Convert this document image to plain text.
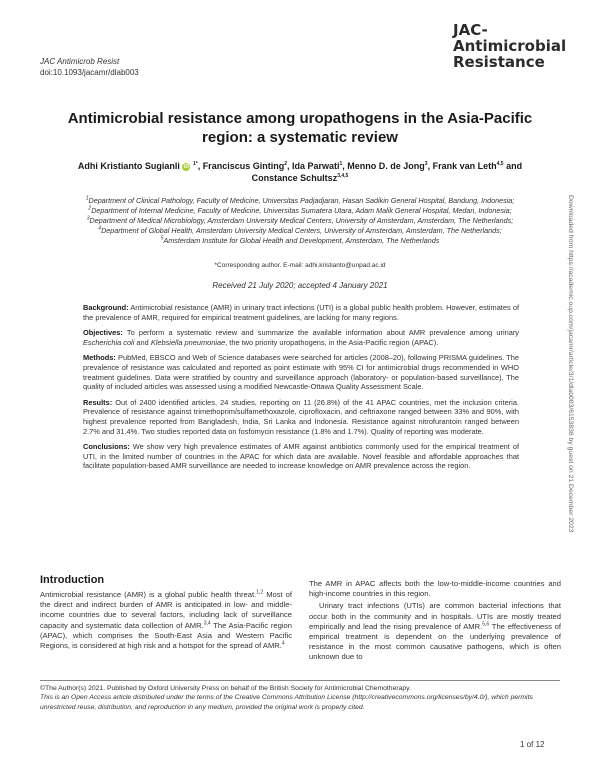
JAC-
Antimicrobial
Resistance
JAC Antimicrob Resist
doi:10.1093/jacamr/dlab003
Antimicrobial resistance among uropathogens in the Asia-Pacific region: a systematic review
Adhi Kristianto Sugianli iD $^{1*}$, Franciscus Ginting$^2$, Ida Parwati$^1$, Menno D. de Jong$^3$, Frank van Leth$^{4,5}$ and
Constance Schultsz$^{3,4,5}$
$^1$Department of Clinical Pathology, Faculty of Medicine, Universitas Padjadjaran, Hasan Sadikin General Hospital, Bandung, Indonesia;
$^2$Department of Internal Medicine, Faculty of Medicine, Universitas Sumatera Utara, Adam Malik General Hospital, Medan, Indonesia;
$^3$Department of Medical Microbiology, Amsterdam University Medical Centers, University of Amsterdam, Amsterdam, The Netherlands;
$^4$Department of Global Health, Amsterdam University Medical Centers, University of Amsterdam, Amsterdam, The Netherlands;
$^5$Amsterdam Institute for Global Health and Development, Amsterdam, The Netherlands
*Corresponding author. E-mail: adhi.kristianto@unpad.ac.id
Received 21 July 2020; accepted 4 January 2021

Background: Antimicrobial resistance (AMR) in urinary tract infections (UTI) is a global public health problem. However, estimates of the prevalence of AMR, required for empirical treatment guidelines, are lacking for many regions.

Objectives: To perform a systematic review and summarize the available information about AMR prevalence among urinary Escherichia coli and Klebsiella pneumoniae, the two priority uropathogens, in the Asia-Pacific region (APAC).

Methods: PubMed, EBSCO and Web of Science databases were searched for articles (2008–20), following PRISMA guidelines. The prevalence of resistance was calculated and reported as point estimate with 95% CI for antimicrobial drugs recommended in WHO treatment guidelines. Data were stratified by country and surveillance approach (laboratory- or population-based surveillance). The quality of included articles was assessed using a modified Newcastle-Ottawa Quality Assessment Scale.

Results: Out of 2400 identified articles, 24 studies, reporting on 11 (26.8%) of the 41 APAC countries, met the inclusion criteria. Prevalence of resistance against trimethoprim/sulfamethoxazole, ciprofloxacin, and ceftriaxone ranged between 33% and 90%, with highest prevalence reported from Bangladesh, India, Sri Lanka and Indonesia. Resistance against nitrofurantoin ranged between 2.7% and 31.4%. Two studies reported data on fosfomycin resistance (1.8% and 1.7%). Quality of reporting was moderate.

Conclusions: We show very high prevalence estimates of AMR against antibiotics commonly used for the empirical treatment of UTI, in the limited number of countries in the APAC for which data are available. Novel feasible and affordable approaches that facilitate population-based AMR surveillance are needed to increase knowledge on AMR prevalence across the region.

Introduction

Antimicrobial resistance (AMR) is a global public health threat.$^{1,2}$ Most of the direct and indirect burden of AMR is anticipated in low- and middle-income countries due to several factors, including lack of surveillance capacity and systematic data collection of AMR.$^{3,4}$ The Asia-Pacific region (APAC), which comprises the South-East Asia and Western Pacific Regions, is considered at high risk and a hotspot for the spread of AMR.$^4$

The AMR in APAC affects both the low-to-middle-income countries and high-income countries in this region.

Urinary tract infections (UTIs) are common bacterial infections that occur both in the community and in hospitals. UTIs are mostly treated empirically and lead the rising prevalence of AMR.$^{5,6}$ The effectiveness of empirical treatment is dependent on the underlying prevalence of resistance in the most common causative pathogens, which is often unknown due to

©The Author(s) 2021. Published by Oxford University Press on behalf of the British Society for Antimicrobial Chemotherapy.

This is an Open Access article distributed under the terms of the Creative Commons Attribution License (http://creativecommons.org/licenses/by/4.0/), which permits unrestricted reuse, distribution, and reproduction in any medium, provided the original work is properly cited.

1 of 12
Downloaded from https://academic.oup.com/jacamr/article/3/1/dlab003/6153836 by guest on 21 December 2023
